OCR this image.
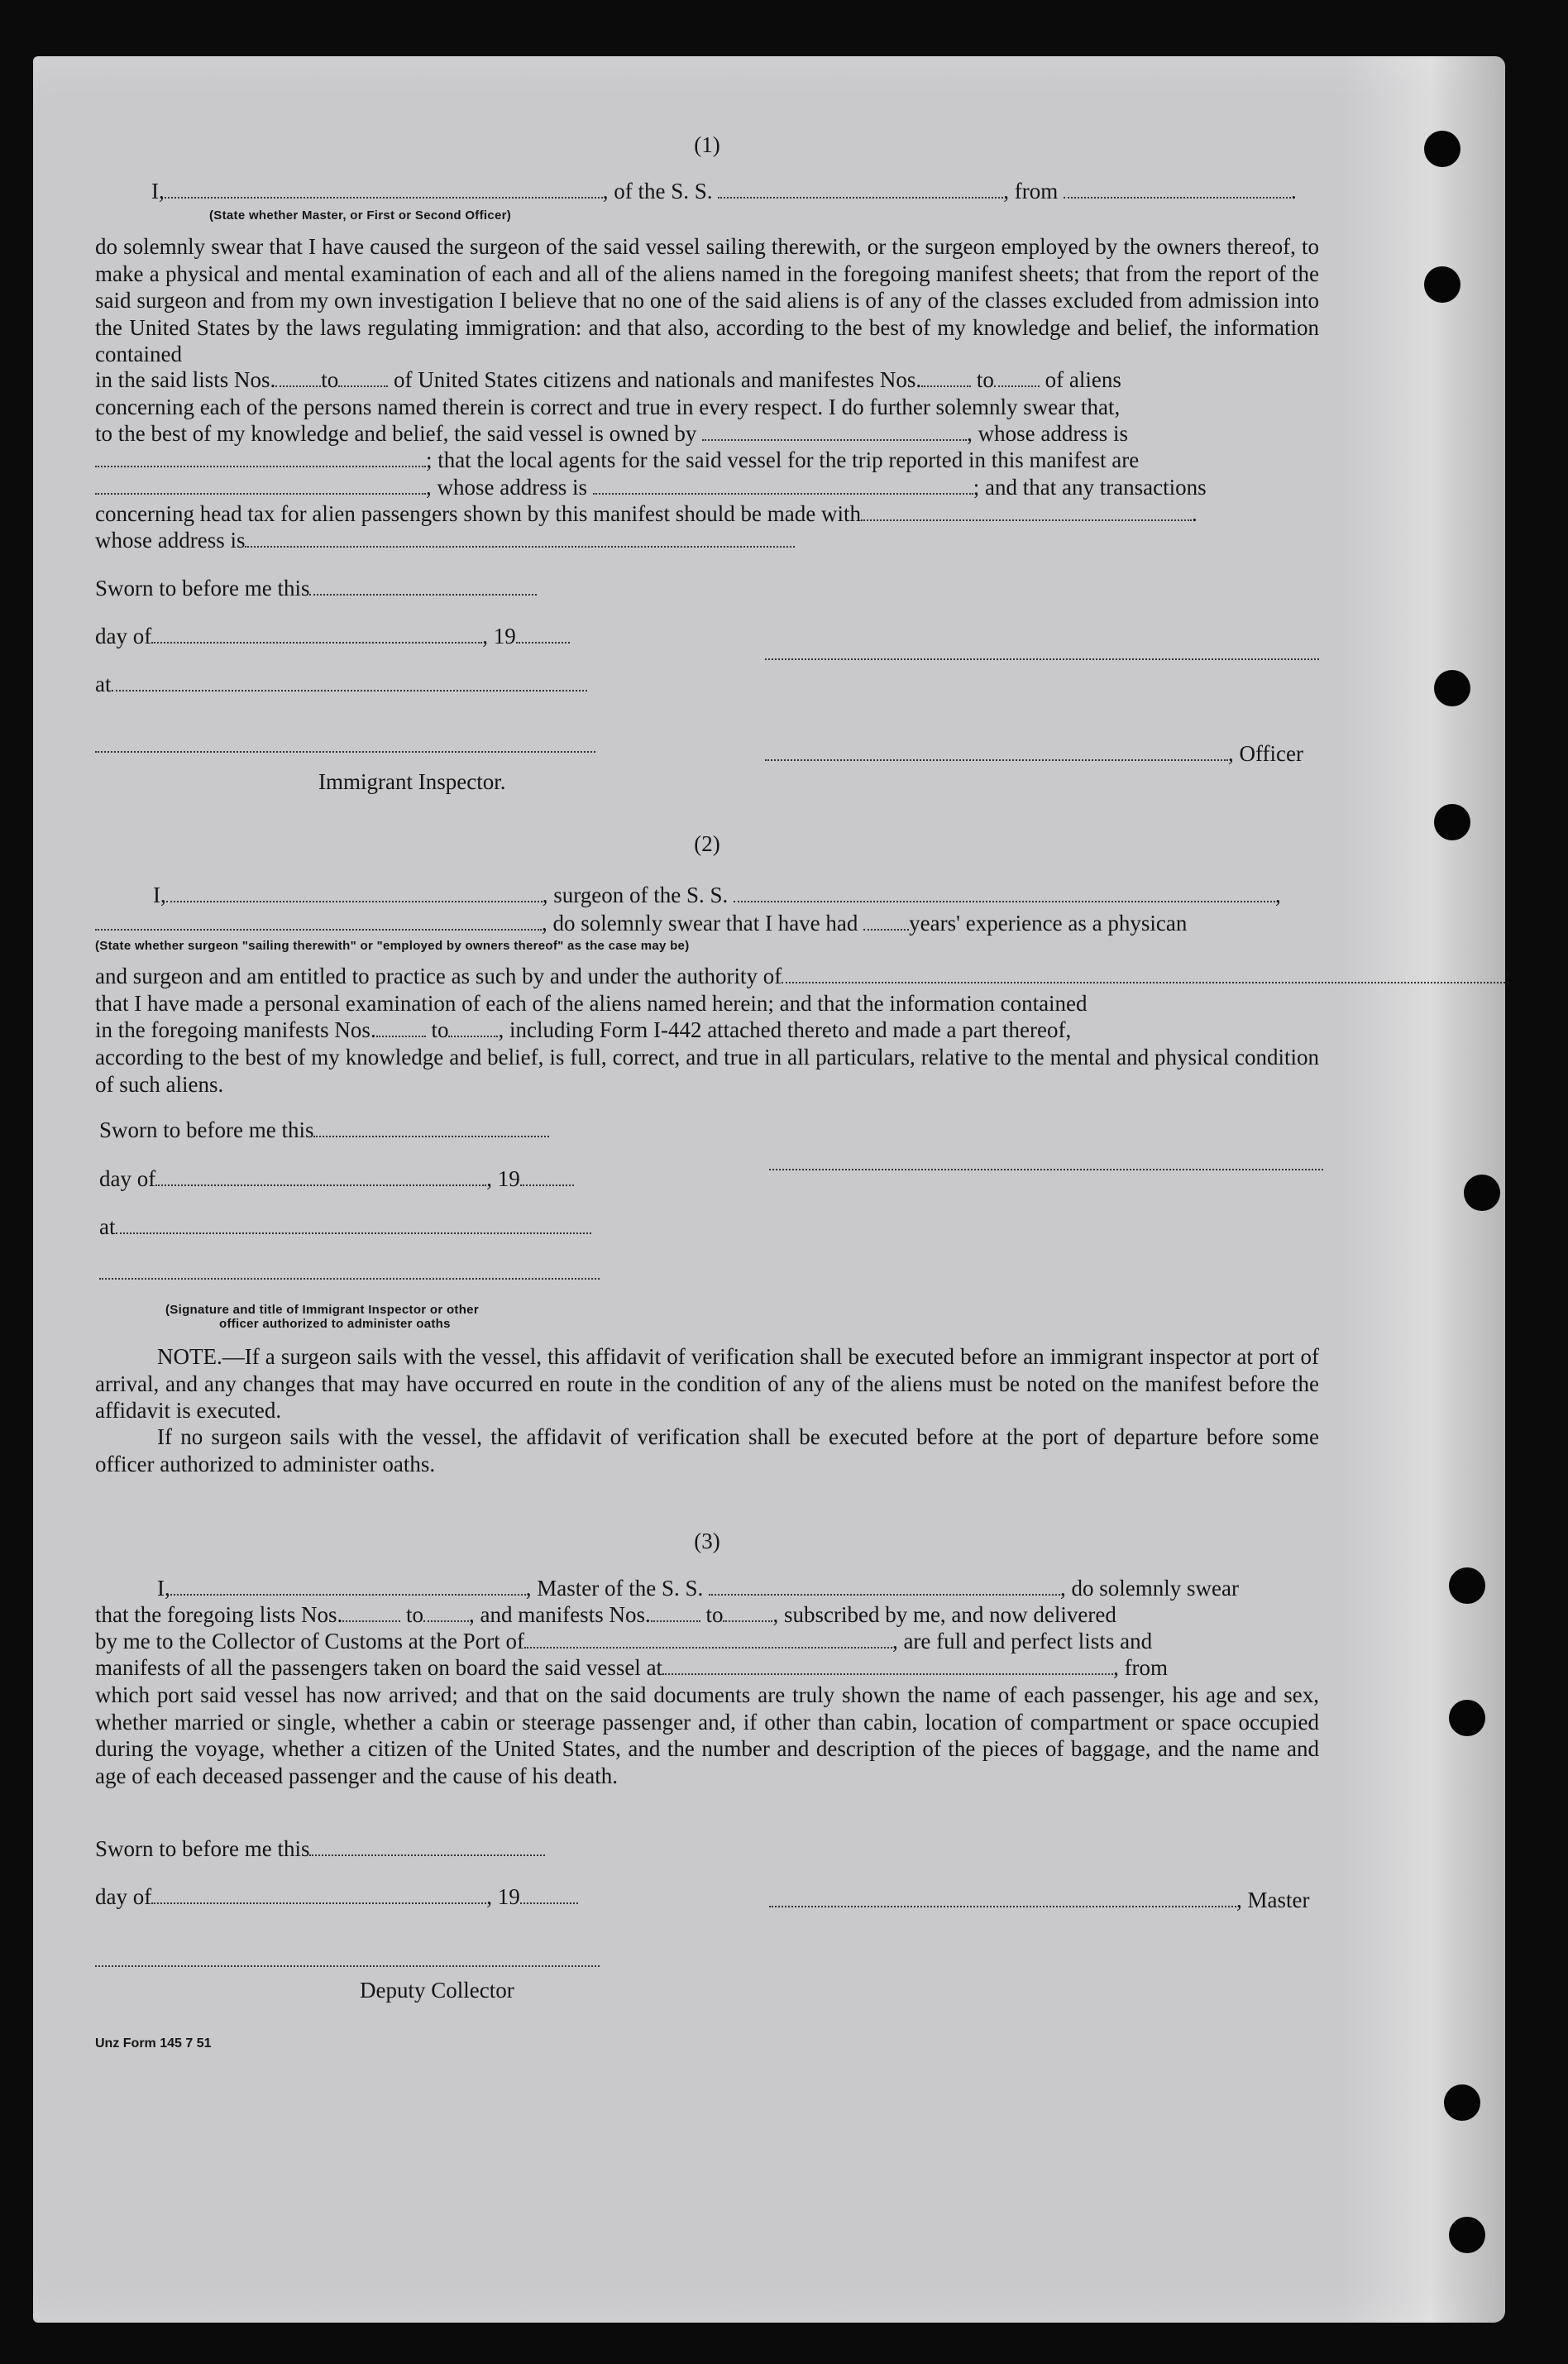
(1)
I,	, of the S. S.	, from	.
(State whether Master, or First or Second Officer)

do solemnly swear that I have caused the surgeon of the said vessel sailing therewith, or the surgeon employed by the owners thereof, to make a physical and mental examination of each and all of the aliens named in the foregoing manifest sheets; that from the report of the said surgeon and from my own investigation I believe that no one of the said aliens is of any of the classes excluded from admission into the United States by the laws regulating immigration: and that also, according to the best of my knowledge and belief, the information contained

in the said lists Nos. to of United States citizens and nationals and manifestes Nos. to of aliens

concerning each of the persons named therein is correct and true in every respect. I do further solemnly swear that,

to the best of my knowledge and belief, the said vessel is owned by	, whose address is
; that the local agents for the said vessel for the trip reported in this manifest are
, whose address is	; and that any transactions
concerning head tax for alien passengers shown by this manifest should be made with	.
whose address is
Sworn to before me this
day of	, 19
at
, Officer
Immigrant Inspector.
(2)
I,	, surgeon of the S. S.	,
, do solemnly swear that I have had years' experience as a physican
(State whether surgeon "sailing therewith" or "employed by owners thereof" as the case may be)
and surgeon and am entitled to practice as such by and under the authority of	;

that I have made a personal examination of each of the aliens named herein; and that the information contained

in the foregoing manifests Nos. to , including Form I-442 attached thereto and made a part thereof,

according to the best of my knowledge and belief, is full, correct, and true in all particulars, relative to the mental and physical condition of such aliens.

Sworn to before me this
day of	, 19
at
(Signature and title of Immigrant Inspector or other
officer authorized to administer oaths

NOTE.—If a surgeon sails with the vessel, this affidavit of verification shall be executed before an immigrant inspector at port of arrival, and any changes that may have occurred en route in the condition of any of the aliens must be noted on the manifest before the affidavit is executed.

If no surgeon sails with the vessel, the affidavit of verification shall be executed before at the port of departure before some officer authorized to administer oaths.

(3)
I,	, Master of the S. S.	, do solemnly swear
that the foregoing lists Nos.	to , and manifests Nos. to , subscribed by me, and now delivered
by me to the Collector of Customs at the Port of	, are full and perfect lists and
manifests of all the passengers taken on board the said vessel at	, from

which port said vessel has now arrived; and that on the said documents are truly shown the name of each passenger, his age and sex, whether married or single, whether a cabin or steerage passenger and, if other than cabin, location of compartment or space occupied during the voyage, whether a citizen of the United States, and the number and description of the pieces of baggage, and the name and age of each deceased passenger and the cause of his death.

Sworn to before me this
day of	, 19	, Master
Deputy Collector
Unz Form 145 7 51
